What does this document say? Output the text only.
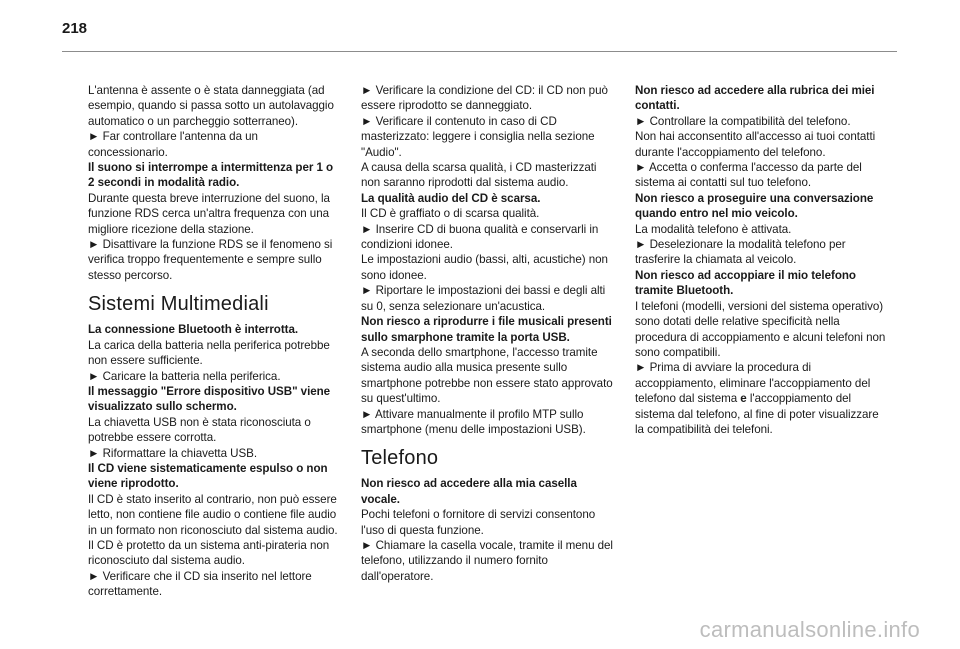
218

L'antenna è assente o è stata danneggiata (ad esempio, quando si passa sotto un autolavaggio automatico o un parcheggio sotterraneo).

► Far controllare l'antenna da un concessionario.

Il suono si interrompe a intermittenza per 1 o 2 secondi in modalità radio.

Durante questa breve interruzione del suono, la funzione RDS cerca un'altra frequenza con una migliore ricezione della stazione.

► Disattivare la funzione RDS se il fenomeno si verifica troppo frequentemente e sempre sullo stesso percorso.

Sistemi Multimediali

La connessione Bluetooth è interrotta.

La carica della batteria nella periferica potrebbe non essere sufficiente.

► Caricare la batteria nella periferica.

Il messaggio "Errore dispositivo USB" viene visualizzato sullo schermo.

La chiavetta USB non è stata riconosciuta o potrebbe essere corrotta.

► Riformattare la chiavetta USB.

Il CD viene sistematicamente espulso o non viene riprodotto.

Il CD è stato inserito al contrario, non può essere letto, non contiene file audio o contiene file audio in un formato non riconosciuto dal sistema audio.

Il CD è protetto da un sistema anti-pirateria non riconosciuto dal sistema audio.

► Verificare che il CD sia inserito nel lettore correttamente.

► Verificare la condizione del CD: il CD non può essere riprodotto se danneggiato.

► Verificare il contenuto in caso di CD masterizzato: leggere i consiglia nella sezione "Audio".

A causa della scarsa qualità, i CD masterizzati non saranno riprodotti dal sistema audio.

La qualità audio del CD è scarsa.

Il CD è graffiato o di scarsa qualità.

► Inserire CD di buona qualità e conservarli in condizioni idonee.

Le impostazioni audio (bassi, alti, acustiche) non sono idonee.

► Riportare le impostazioni dei bassi e degli alti su 0, senza selezionare un'acustica.

Non riesco a riprodurre i file musicali presenti sullo smarphone tramite la porta USB.

A seconda dello smartphone, l'accesso tramite sistema audio alla musica presente sullo smartphone potrebbe non essere stato approvato su quest'ultimo.

► Attivare manualmente il profilo MTP sullo smartphone (menu delle impostazioni USB).

Telefono

Non riesco ad accedere alla mia casella vocale.

Pochi telefoni o fornitore di servizi consentono l'uso di questa funzione.

► Chiamare la casella vocale, tramite il menu del telefono, utilizzando il numero fornito dall'operatore.

Non riesco ad accedere alla rubrica dei miei contatti.

► Controllare la compatibilità del telefono.

Non hai acconsentito all'accesso ai tuoi contatti durante l'accoppiamento del telefono.

► Accetta o conferma l'accesso da parte del sistema ai contatti sul tuo telefono.

Non riesco a proseguire una conversazione quando entro nel mio veicolo.

La modalità telefono è attivata.

► Deselezionare la modalità telefono per trasferire la chiamata al veicolo.

Non riesco ad accoppiare il mio telefono tramite Bluetooth.

I telefoni (modelli, versioni del sistema operativo) sono dotati delle relative specificità nella procedura di accoppiamento e alcuni telefoni non sono compatibili.

► Prima di avviare la procedura di accoppiamento, eliminare l'accoppiamento del telefono dal sistema e l'accoppiamento del sistema dal telefono, al fine di poter visualizzare la compatibilità dei telefoni.

carmanualsonline.info
